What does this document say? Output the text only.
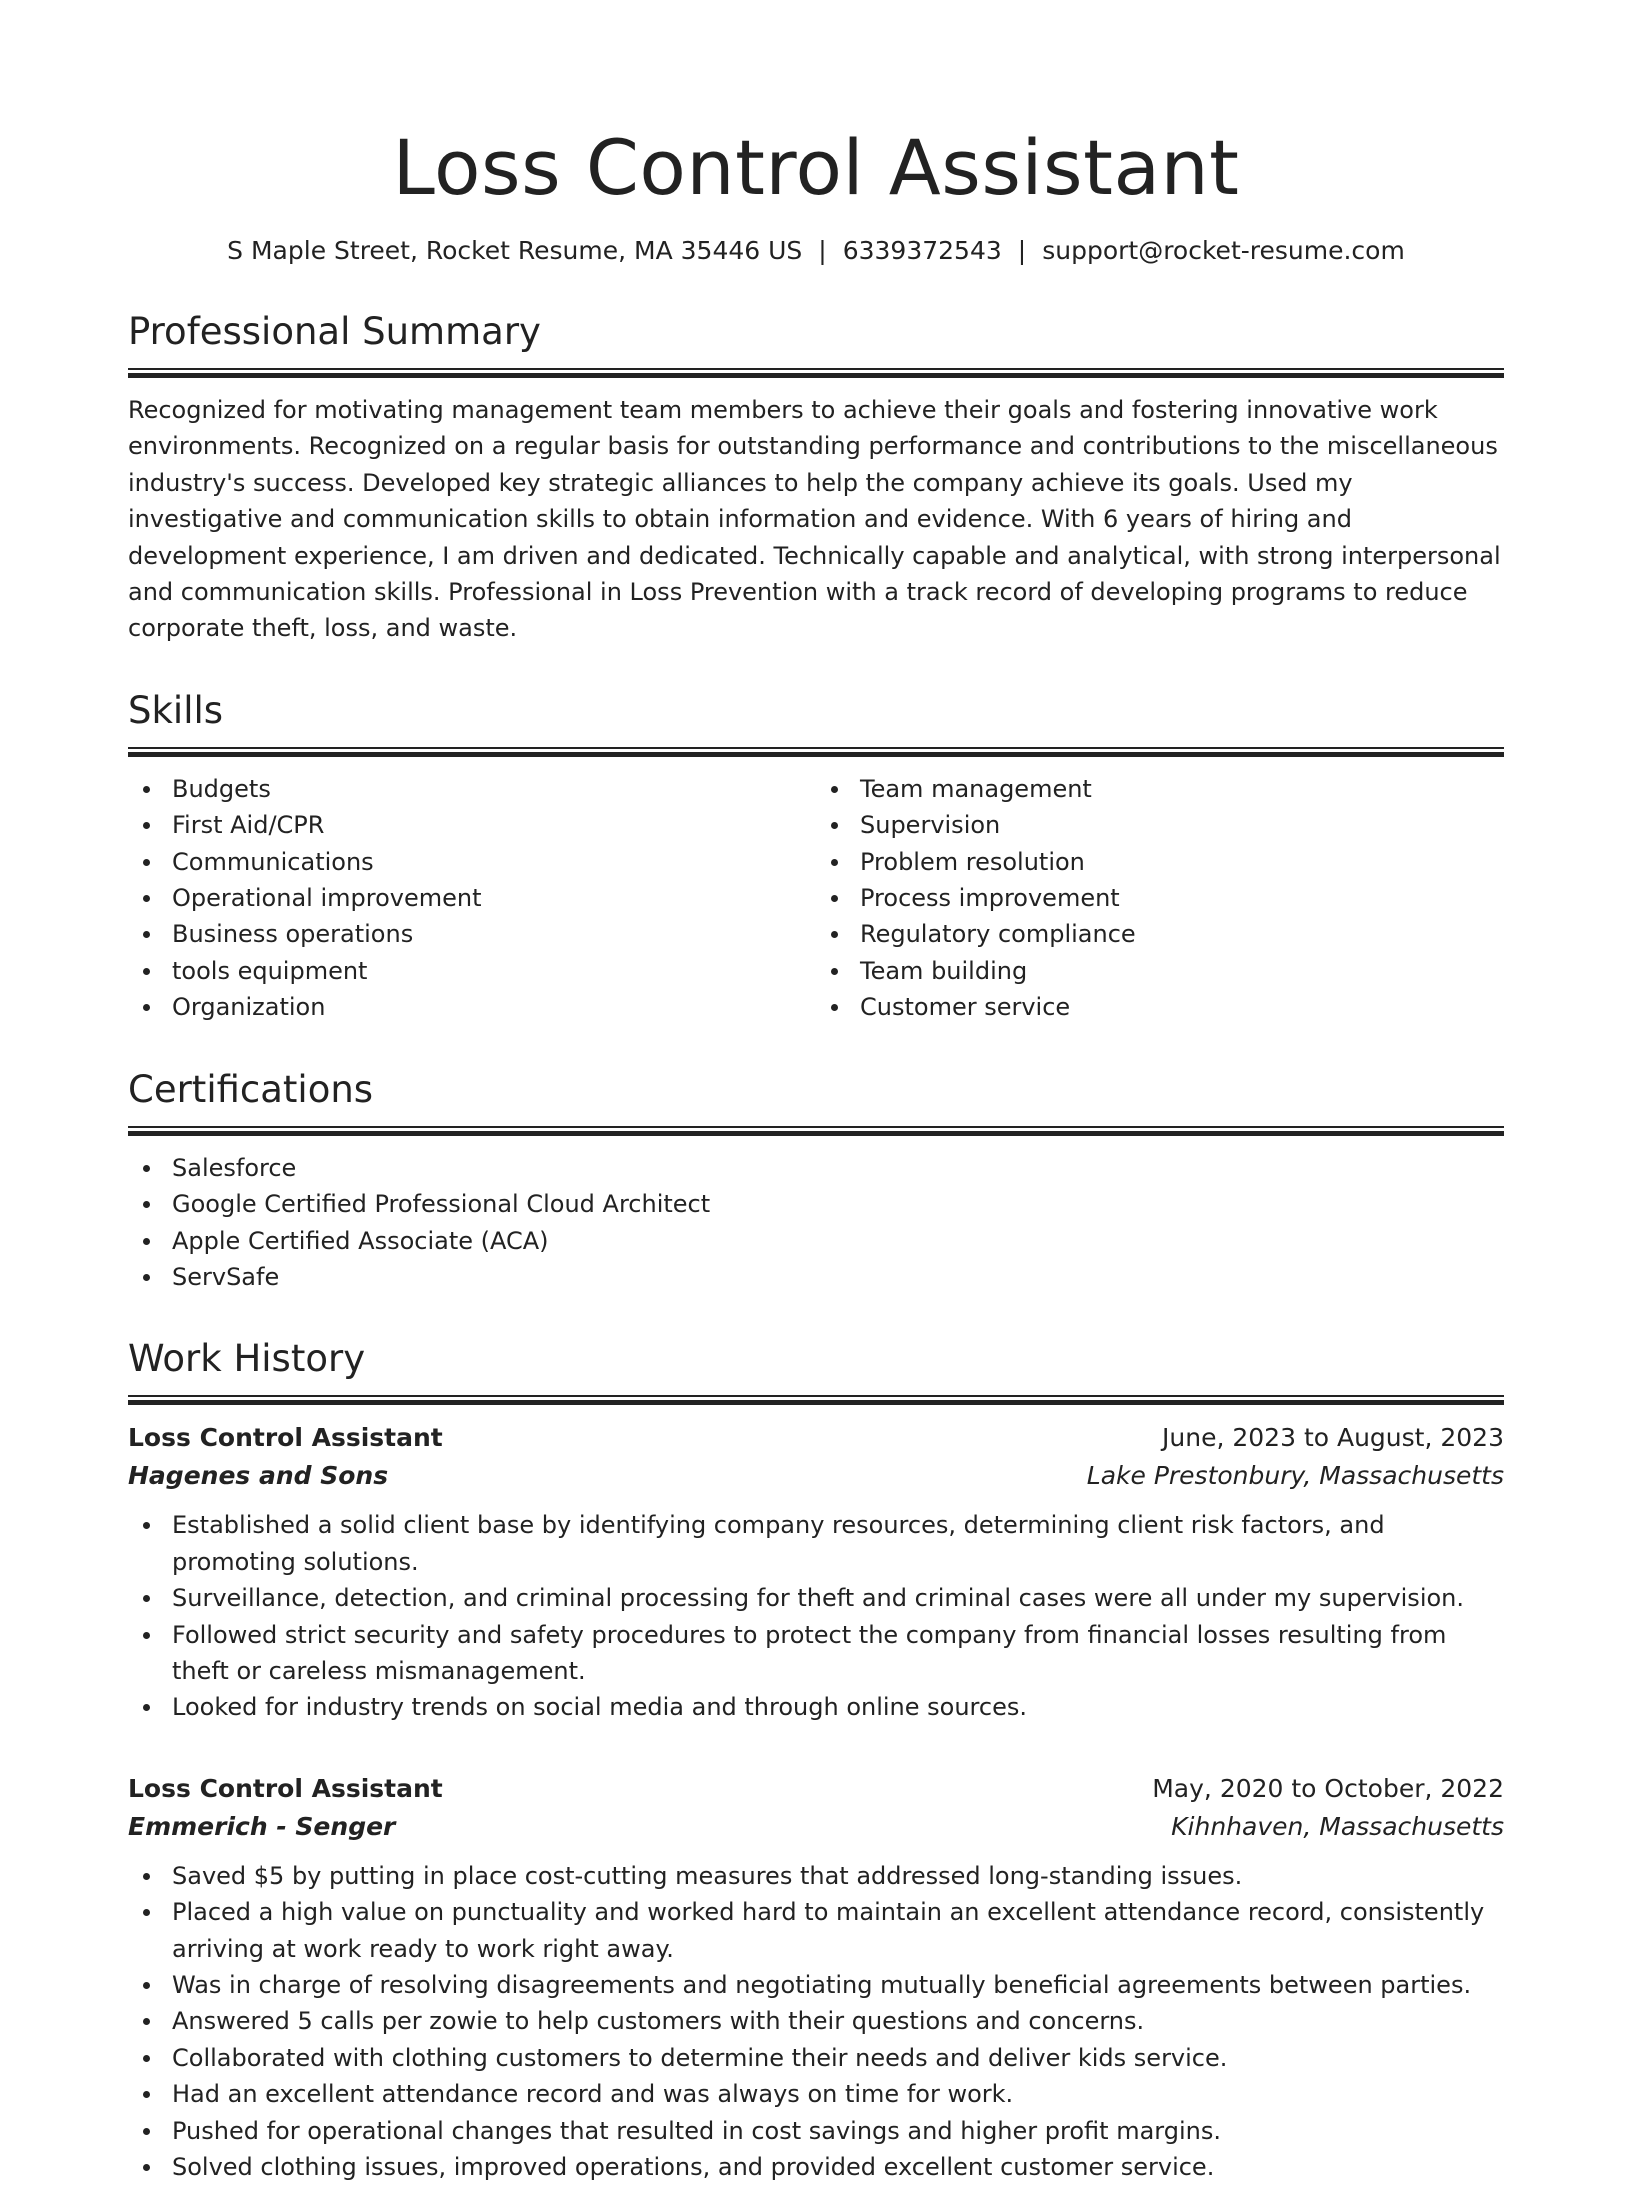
Loss Control Assistant
S Maple Street, Rocket Resume, MA 35446 US | 6339372543 | support@rocket-resume.com
Professional Summary

Recognized for motivating management team members to achieve their goals and fostering innovative work environments. Recognized on a regular basis for outstanding performance and contributions to the miscellaneous industry's success. Developed key strategic alliances to help the company achieve its goals. Used my investigative and communication skills to obtain information and evidence. With 6 years of hiring and development experience, I am driven and dedicated. Technically capable and analytical, with strong interpersonal and communication skills. Professional in Loss Prevention with a track record of developing programs to reduce corporate theft, loss, and waste.

Skills
Budgets
First Aid/CPR
Communications
Operational improvement
Business operations
tools equipment
Organization
Team management
Supervision
Problem resolution
Process improvement
Regulatory compliance
Team building
Customer service
Certifications
Salesforce
Google Certified Professional Cloud Architect
Apple Certified Associate (ACA)
ServSafe
Work History
Loss Control Assistant	June, 2023 to August, 2023
Hagenes and Sons	Lake Prestonbury, Massachusetts
Established a solid client base by identifying company resources, determining client risk factors, and promoting solutions.
Surveillance, detection, and criminal processing for theft and criminal cases were all under my supervision.
Followed strict security and safety procedures to protect the company from financial losses resulting from theft or careless mismanagement.
Looked for industry trends on social media and through online sources.
Loss Control Assistant	May, 2020 to October, 2022
Emmerich - Senger	Kihnhaven, Massachusetts
Saved $5 by putting in place cost-cutting measures that addressed long-standing issues.
Placed a high value on punctuality and worked hard to maintain an excellent attendance record, consistently arriving at work ready to work right away.
Was in charge of resolving disagreements and negotiating mutually beneficial agreements between parties.
Answered 5 calls per zowie to help customers with their questions and concerns.
Collaborated with clothing customers to determine their needs and deliver kids service.
Had an excellent attendance record and was always on time for work.
Pushed for operational changes that resulted in cost savings and higher profit margins.
Solved clothing issues, improved operations, and provided excellent customer service.
